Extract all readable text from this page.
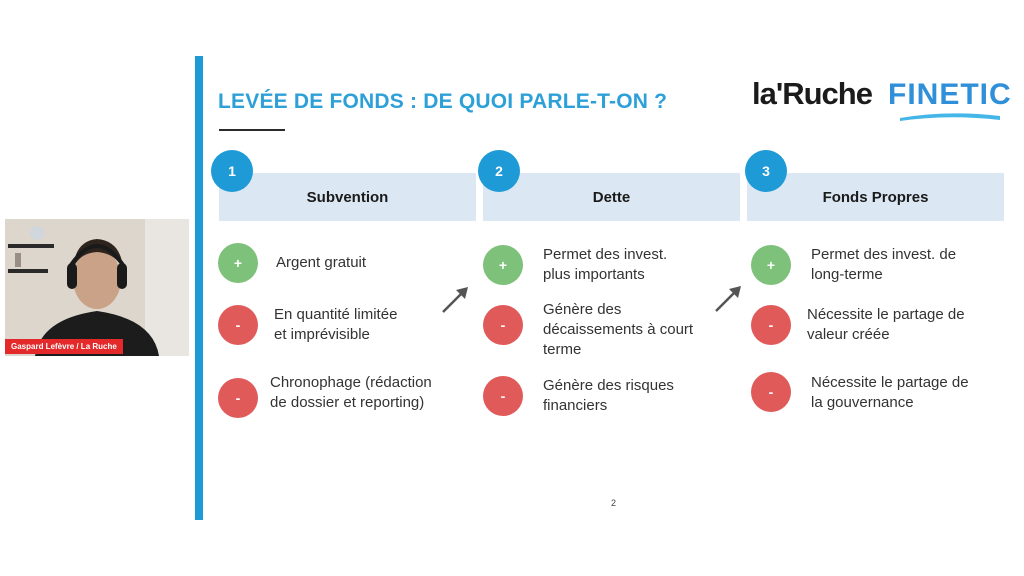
LEVÉE DE FONDS : DE QUOI PARLE-T-ON ?	la'Ruche FINETIC
Subvention
1
+	Argent gratuit
-
En quantité limitée
et imprévisible
-
Chronophage (rédaction
de dossier et reporting)
Dette
2
+
Permet des invest.
plus importants
-
Génère des
décaissements à court
terme
-
Génère des risques
financiers
Fonds Propres
3
+
Permet des invest. de
long-terme
-
Nécessite le partage de
valeur créée
-
Nécessite le partage de
la gouvernance
2
Gaspard Lefèvre / La Ruche
